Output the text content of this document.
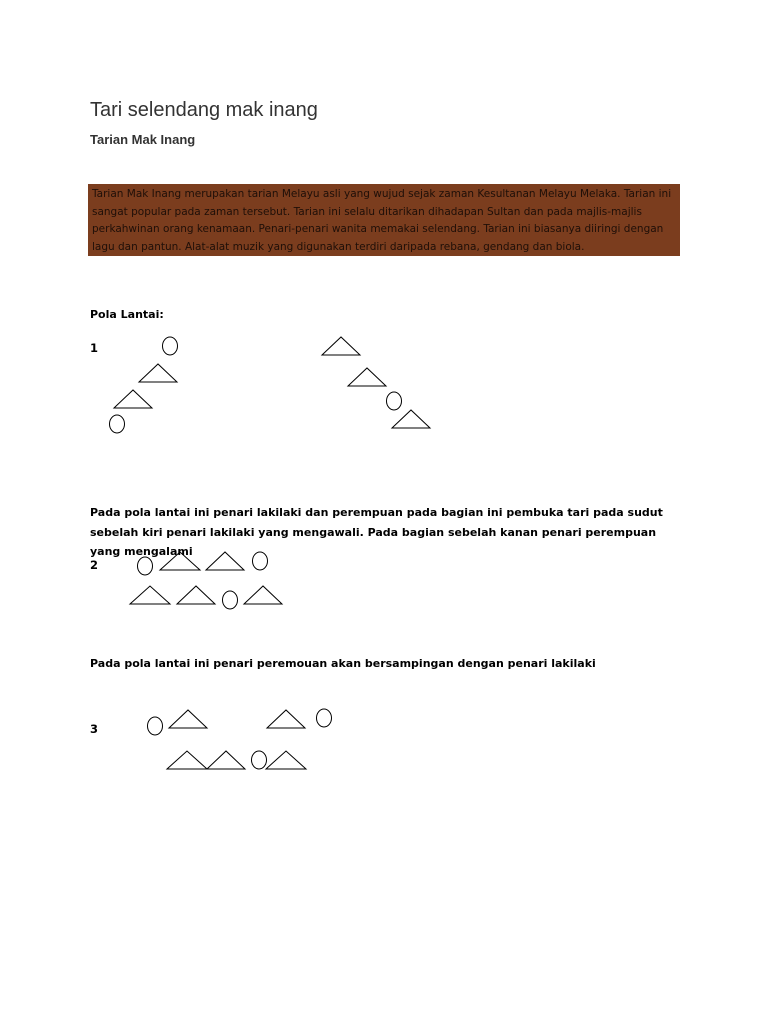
Tari selendang mak inang
Tarian Mak Inang
Tarian Mak Inang merupakan tarian Melayu asli yang wujud sejak zaman Kesultanan Melayu Melaka. Tarian ini sangat popular pada zaman tersebut. Tarian ini selalu ditarikan dihadapan Sultan dan pada majlis-majlis perkahwinan orang kenamaan. Penari-penari wanita memakai selendang. Tarian ini biasanya diiringi dengan lagu dan pantun. Alat-alat muzik yang digunakan terdiri daripada rebana, gendang dan biola.
Pola Lantai:
1
Pada pola lantai ini penari lakilaki dan perempuan pada bagian ini pembuka tari pada sudut sebelah kiri penari lakilaki yang mengawali. Pada bagian sebelah kanan penari perempuan yang mengalami
2
Pada pola lantai ini penari peremouan akan bersampingan dengan penari lakilaki
3
